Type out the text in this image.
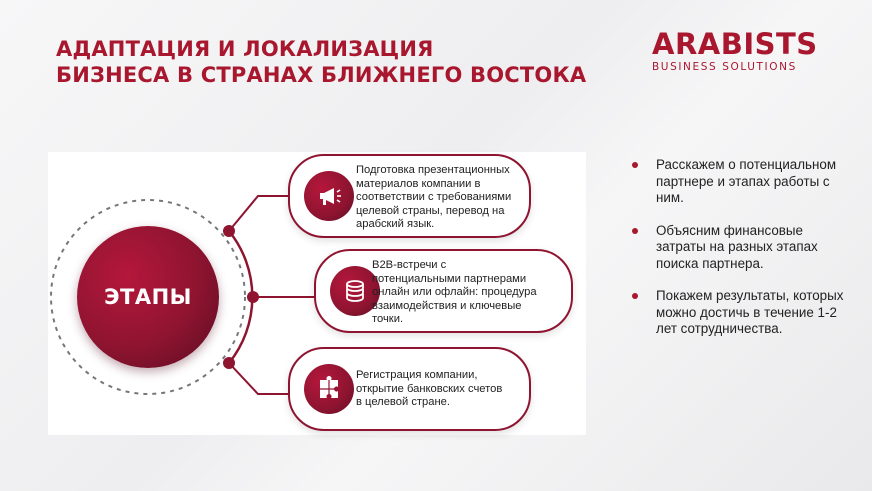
АДАПТАЦИЯ И ЛОКАЛИЗАЦИЯ
БИЗНЕСА В СТРАНАХ БЛИЖНЕГО ВОСТОКА
ARABISTS
BUSINESS SOLUTIONS
ЭТАПЫ
Подготовка презентационных
материалов компании в
соответствии с требованиями
целевой страны, перевод на
арабский язык.
B2B-встречи с
потенциальными партнерами
онлайн или офлайн: процедура
взаимодействия и ключевые
точки.
Регистрация компании,
открытие банковских счетов
в целевой стране.
Расскажем о потенциальном партнере и этапах работы с ним.
Объясним финансовые затраты на разных этапах поиска партнера.
Покажем результаты, которых можно достичь в течение 1-2 лет сотрудничества.
